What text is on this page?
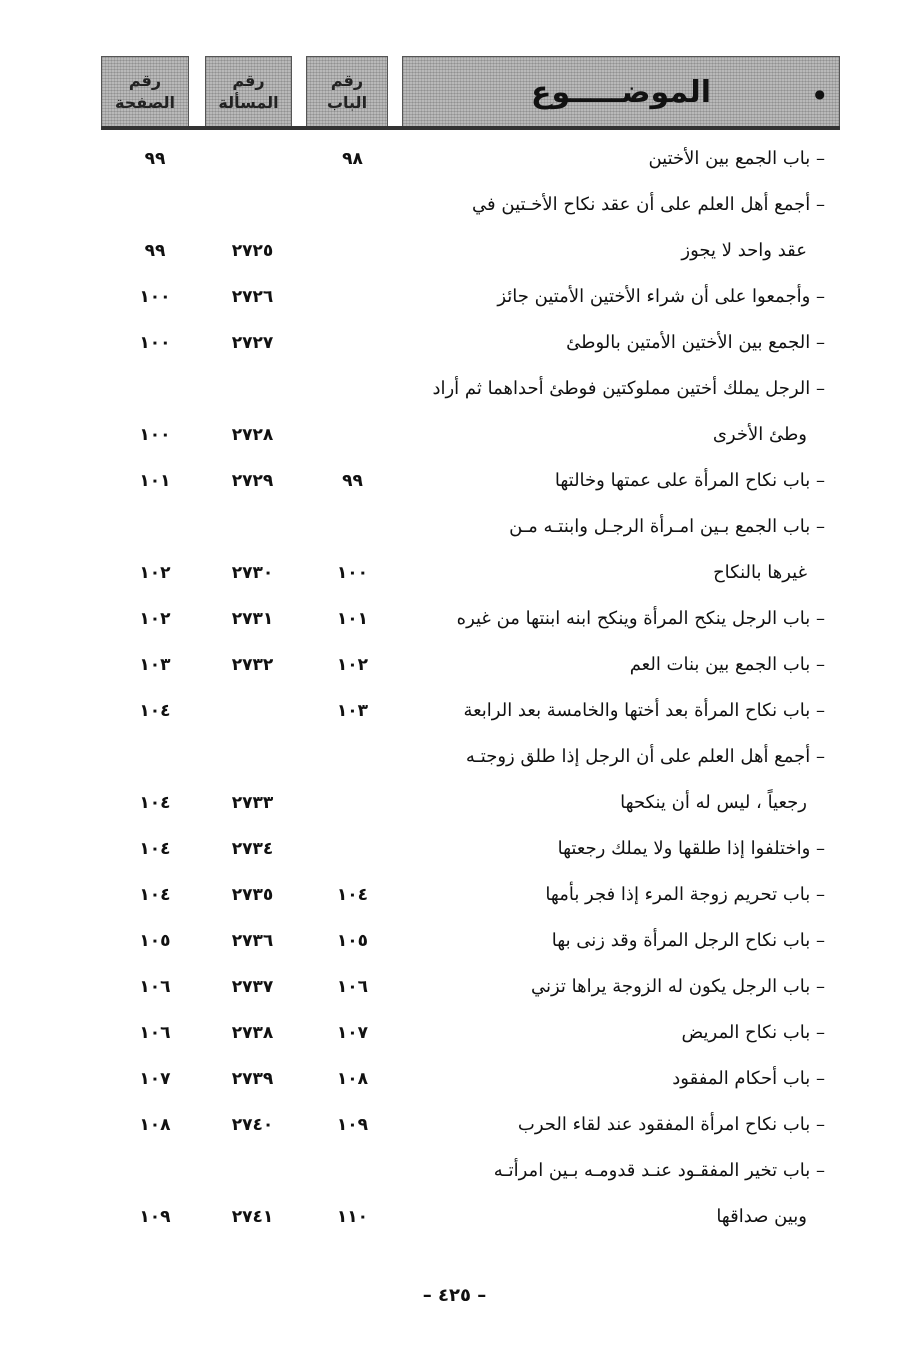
الموضـــــوع	●
رقم
الباب
رقم
المسألة
رقم
الصفحة
– باب الجمع بين الأختين
٩٨
٩٩
– أجمع أهل العلم على أن عقد نكاح الأخـتين في
عقد واحد لا يجوز
٢٧٢٥
٩٩
– وأجمعوا على أن شراء الأختين الأمتين جائز
٢٧٢٦
١٠٠
– الجمع بين الأختين الأمتين بالوطئ
٢٧٢٧
١٠٠
– الرجل يملك أختين مملوكتين فوطئ أحداهما ثم أراد
وطئ الأخرى
٢٧٢٨
١٠٠
– باب نكاح المرأة على عمتها وخالتها
٩٩
٢٧٢٩
١٠١
– باب الجمع بـين امـرأة الرجـل وابنتـه مـن
غيرها بالنكاح
١٠٠
٢٧٣٠
١٠٢
– باب الرجل ينكح المرأة وينكح ابنه ابنتها من غيره
١٠١
٢٧٣١
١٠٢
– باب الجمع بين بنات العم
١٠٢
٢٧٣٢
١٠٣
– باب نكاح المرأة بعد أختها والخامسة بعد الرابعة
١٠٣
١٠٤
– أجمع أهل العلم على أن الرجل إذا طلق زوجتـه
رجعياً ، ليس له أن ينكحها
٢٧٣٣
١٠٤
– واختلفوا إذا طلقها ولا يملك رجعتها
٢٧٣٤
١٠٤
– باب تحريم زوجة المرء إذا فجر بأمها
١٠٤
٢٧٣٥
١٠٤
– باب نكاح الرجل المرأة وقد زنى بها
١٠٥
٢٧٣٦
١٠٥
– باب الرجل يكون له الزوجة يراها تزني
١٠٦
٢٧٣٧
١٠٦
– باب نكاح المريض
١٠٧
٢٧٣٨
١٠٦
– باب أحكام المفقود
١٠٨
٢٧٣٩
١٠٧
– باب نكاح امرأة المفقود عند لقاء الحرب
١٠٩
٢٧٤٠
١٠٨
– باب تخير المفقـود عنـد قدومـه بـين امرأتـه
وبين صداقها
١١٠
٢٧٤١
١٠٩
– ٤٢٥ –
